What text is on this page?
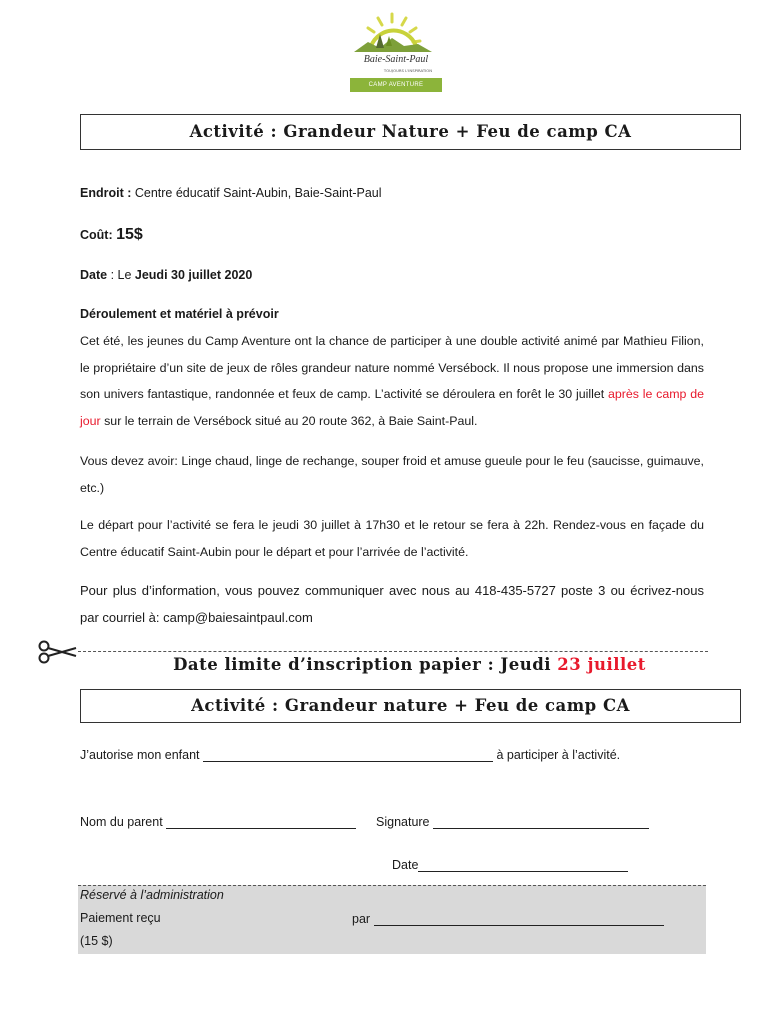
Baie-Saint-Paul
TOUJOURS L'INSPIRATION
CAMP AVENTURE
Activité : Grandeur Nature + Feu de camp CA
Endroit : Centre éducatif Saint-Aubin, Baie-Saint-Paul
Coût: 15$
Date : Le Jeudi 30 juillet 2020
Déroulement et matériel à prévoir
Cet été, les jeunes du Camp Aventure ont la chance de participer à une double activité animé par Mathieu Filion, le propriétaire d’un site de jeux de rôles grandeur nature nommé Versébock. Il nous propose une immersion dans son univers fantastique, randonnée et feux de camp. L’activité se déroulera en forêt le 30 juillet après le camp de jour sur le terrain de Versébock situé au 20 route 362, à Baie Saint-Paul.
Vous devez avoir: Linge chaud, linge de rechange, souper froid et amuse gueule pour le feu (saucisse, guimauve, etc.)
Le départ pour l’activité se fera le jeudi 30 juillet à 17h30 et le retour se fera à 22h. Rendez-vous en façade du Centre éducatif Saint-Aubin pour le départ et pour l’arrivée de l’activité.
Pour plus d’information, vous pouvez communiquer avec nous au 418-435-5727 poste 3 ou écrivez-nous par courriel à: camp@baiesaintpaul.com
Date limite d’inscription papier : Jeudi 23 juillet
Activité : Grandeur nature + Feu de camp CA
J’autorise mon enfant	à participer à l’activité.
Nom du parent	Signature
Date
Réservé à l’administration
Paiement reçu
(15 $)
par
